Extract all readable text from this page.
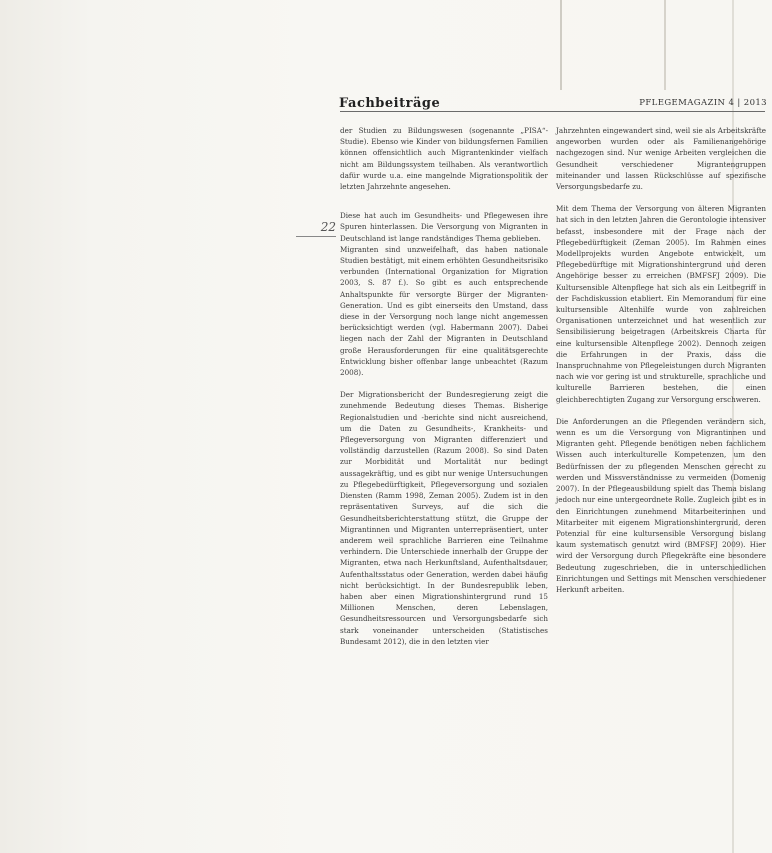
Fachbeiträge	PFLEGEMAGAZIN 4 | 2013
22

der Studien zu Bildungswesen (sogenannte „PISA“-Studie). Ebenso wie Kinder von bildungsfernen Familien können offensichtlich auch Migrantenkinder vielfach nicht am Bildungssystem teilhaben. Als verantwortlich dafür wurde u.a. eine mangelnde Migrationspolitik der letzten Jahrzehnte angesehen.

Diese hat auch im Gesundheits- und Pflegewesen ihre Spuren hinterlassen. Die Versorgung von Migranten in Deutschland ist lange randständiges Thema geblieben.

Migranten sind unzweifelhaft, das haben nationale Studien bestätigt, mit einem erhöhten Gesundheitsrisiko verbunden (International Organization for Migration 2003, S. 87 f.). So gibt es auch entsprechende Anhaltspunkte für versorgte Bürger der Migranten-Generation. Und es gibt einerseits den Umstand, dass diese in der Versorgung noch lange nicht angemessen berücksichtigt werden (vgl. Habermann 2007). Dabei liegen nach der Zahl der Migranten in Deutschland große Herausforderungen für eine qualitätsgerechte Entwicklung bisher offenbar lange unbeachtet (Razum 2008).

Der Migrationsbericht der Bundesregierung zeigt die zunehmende Bedeutung dieses Themas. Bisherige Regionalstudien und -berichte sind nicht ausreichend, um die Daten zu Gesundheits-, Krankheits- und Pflegeversorgung von Migranten differenziert und vollständig darzustellen (Razum 2008). So sind Daten zur Morbidität und Mortalität nur bedingt aussagekräftig, und es gibt nur wenige Untersuchungen zu Pflegebedürftigkeit, Pflegeversorgung und sozialen Diensten (Ramm 1998, Zeman 2005). Zudem ist in den repräsentativen Surveys, auf die sich die Gesundheitsberichterstattung stützt, die Gruppe der Migrantinnen und Migranten unterrepräsentiert, unter anderem weil sprachliche Barrieren eine Teilnahme verhindern. Die Unterschiede innerhalb der Gruppe der Migranten, etwa nach Herkunftsland, Aufenthaltsdauer, Aufenthaltsstatus oder Generation, werden dabei häufig nicht berücksichtigt. In der Bundesrepublik leben, haben aber einen Migrationshintergrund rund 15 Millionen Menschen, deren Lebenslagen, Gesundheitsressourcen und Versorgungsbedarfe sich stark voneinander unterscheiden (Statistisches Bundesamt 2012), die in den letzten vier

Jahrzehnten eingewandert sind, weil sie als Arbeitskräfte angeworben wurden oder als Familienangehörige nachgezogen sind. Nur wenige Arbeiten vergleichen die Gesundheit verschiedener Migrantengruppen miteinander und lassen Rückschlüsse auf spezifische Versorgungsbedarfe zu.

Mit dem Thema der Versorgung von älteren Migranten hat sich in den letzten Jahren die Gerontologie intensiver befasst, insbesondere mit der Frage nach der Pflegebedürftigkeit (Zeman 2005). Im Rahmen eines Modellprojekts wurden Angebote entwickelt, um Pflegebedürftige mit Migrationshintergrund und deren Angehörige besser zu erreichen (BMFSFJ 2009). Die Kultursensible Altenpflege hat sich als ein Leitbegriff in der Fachdiskussion etabliert. Ein Memorandum für eine kultursensible Altenhilfe wurde von zahlreichen Organisationen unterzeichnet und hat wesentlich zur Sensibilisierung beigetragen (Arbeitskreis Charta für eine kultursensible Altenpflege 2002). Dennoch zeigen die Erfahrungen in der Praxis, dass die Inanspruchnahme von Pflegeleistungen durch Migranten nach wie vor gering ist und strukturelle, sprachliche und kulturelle Barrieren bestehen, die einen gleichberechtigten Zugang zur Versorgung erschweren.

Die Anforderungen an die Pflegenden verändern sich, wenn es um die Versorgung von Migrantinnen und Migranten geht. Pflegende benötigen neben fachlichem Wissen auch interkulturelle Kompetenzen, um den Bedürfnissen der zu pflegenden Menschen gerecht zu werden und Missverständnisse zu vermeiden (Domenig 2007). In der Pflegeausbildung spielt das Thema bislang jedoch nur eine untergeordnete Rolle. Zugleich gibt es in den Einrichtungen zunehmend Mitarbeiterinnen und Mitarbeiter mit eigenem Migrationshintergrund, deren Potenzial für eine kultursensible Versorgung bislang kaum systematisch genutzt wird (BMFSFJ 2009). Hier wird der Versorgung durch Pflegekräfte eine besondere Bedeutung zugeschrieben, die in unterschiedlichen Einrichtungen und Settings mit Menschen verschiedener Herkunft arbeiten.
